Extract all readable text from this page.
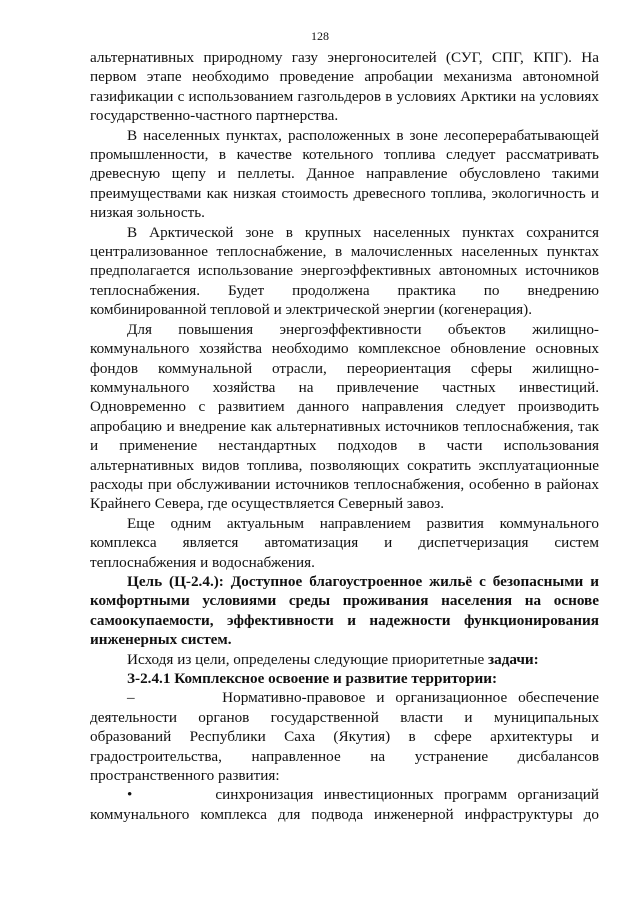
128

альтернативных природному газу энергоносителей (СУГ, СПГ, КПГ). На
первом этапе необходимо проведение апробации механизма автономной
газификации с использованием газгольдеров в условиях Арктики на условиях
государственно-частного партнерства.

В населенных пунктах, расположенных в зоне лесоперерабатывающей
промышленности, в качестве котельного топлива следует рассматривать
древесную щепу и пеллеты. Данное направление обусловлено такими
преимуществами как низкая стоимость древесного топлива, экологичность и
низкая зольность.

В Арктической зоне в крупных населенных пунктах сохранится
централизованное теплоснабжение, в малочисленных населенных пунктах
предполагается использование энергоэффективных автономных источников
теплоснабжения. Будет продолжена практика по внедрению
комбинированной тепловой и электрической энергии (когенерация).

Для повышения энергоэффективности объектов жилищно-
коммунального хозяйства необходимо комплексное обновление основных
фондов коммунальной отрасли, переориентация сферы жилищно-
коммунального хозяйства на привлечение частных инвестиций.
Одновременно с развитием данного направления следует производить
апробацию и внедрение как альтернативных источников теплоснабжения, так
и применение нестандартных подходов в части использования
альтернативных видов топлива, позволяющих сократить эксплуатационные
расходы при обслуживании источников теплоснабжения, особенно в районах
Крайнего Севера, где осуществляется Северный завоз.

Еще одним актуальным направлением развития коммунального
комплекса является автоматизация и диспетчеризация систем
теплоснабжения и водоснабжения.

Цель (Ц-2.4.): Доступное благоустроенное жильё с безопасными и
комфортными условиями среды проживания населения на основе
самоокупаемости, эффективности и надежности функционирования
инженерных систем.

Исходя из цели, определены следующие приоритетные задачи:

З-2.4.1 Комплексное освоение и развитие территории:

–        Нормативно-правовое и организационное обеспечение
деятельности органов государственной власти и муниципальных
образований Республики Саха (Якутия) в сфере архитектуры и
градостроительства, направленное на устранение дисбалансов
пространственного развития:

•        синхронизация инвестиционных программ организаций
коммунального комплекса для подвода инженерной инфраструктуры до
